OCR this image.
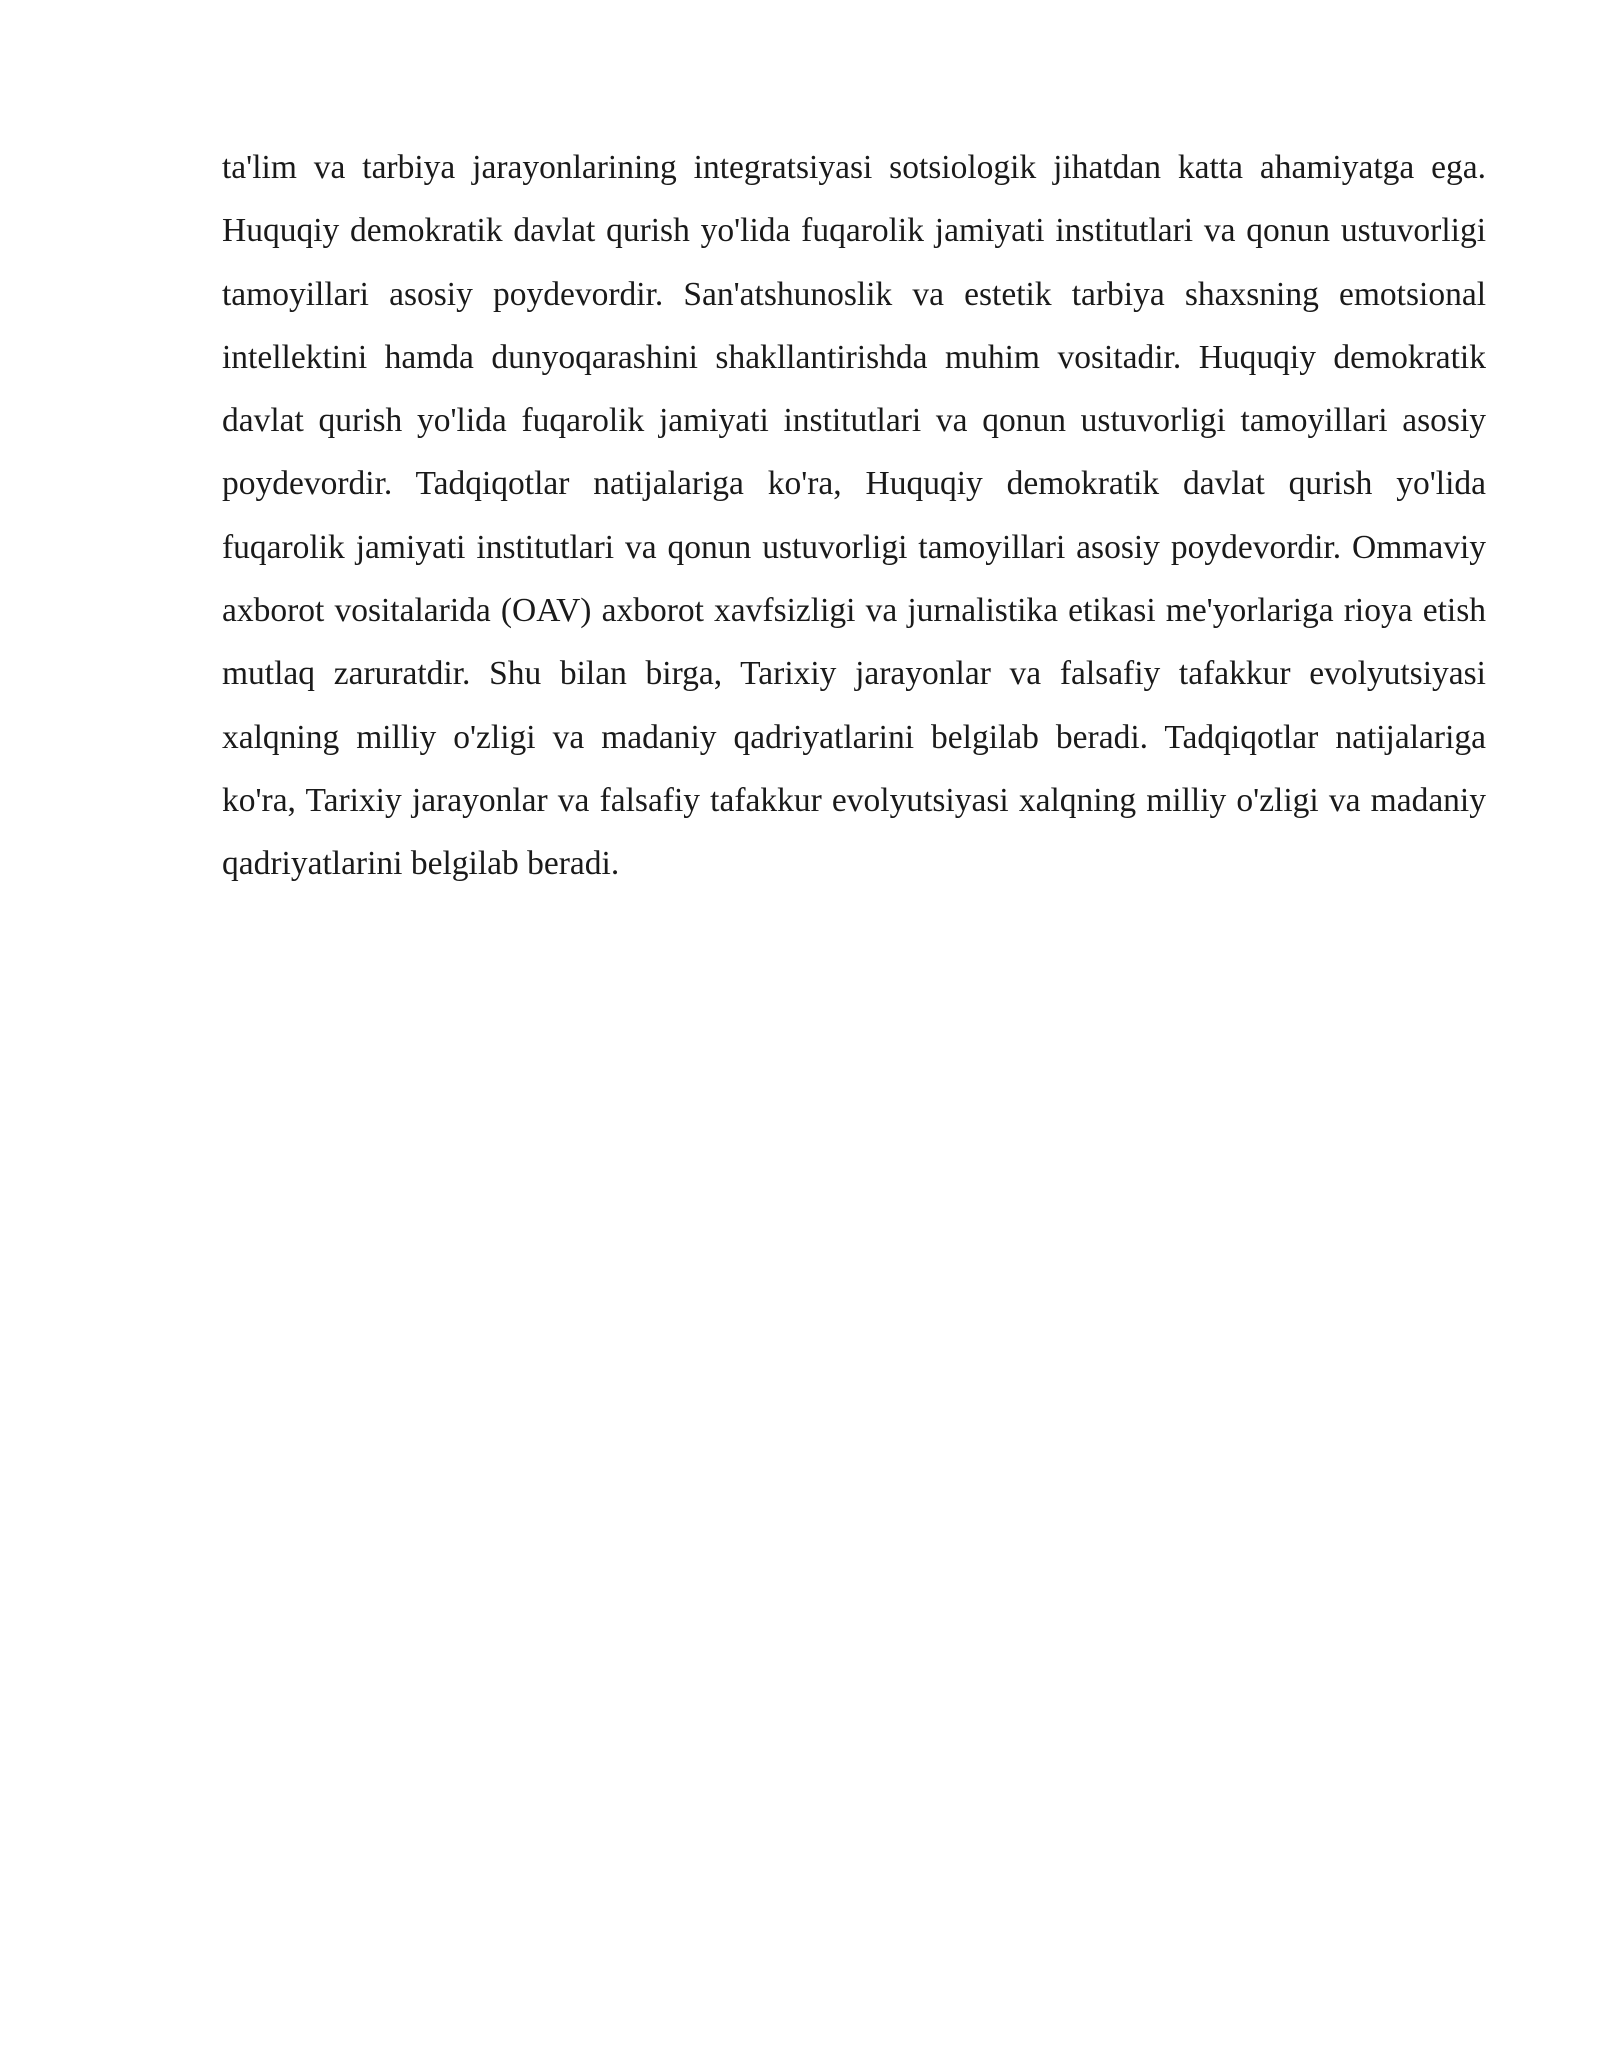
ta'lim va tarbiya jarayonlarining integratsiyasi sotsiologik jihatdan katta ahamiyatga ega. Huquqiy demokratik davlat qurish yo'lida fuqarolik jamiyati institutlari va qonun ustuvorligi tamoyillari asosiy poydevordir. San'atshunoslik va estetik tarbiya shaxsning emotsional intellektini hamda dunyoqarashini shakllantirishda muhim vositadir. Huquqiy demokratik davlat qurish yo'lida fuqarolik jamiyati institutlari va qonun ustuvorligi tamoyillari asosiy poydevordir. Tadqiqotlar natijalariga ko'ra, Huquqiy demokratik davlat qurish yo'lida fuqarolik jamiyati institutlari va qonun ustuvorligi tamoyillari asosiy poydevordir. Ommaviy axborot vositalarida (OAV) axborot xavfsizligi va jurnalistika etikasi me'yorlariga rioya etish mutlaq zaruratdir. Shu bilan birga, Tarixiy jarayonlar va falsafiy tafakkur evolyutsiyasi xalqning milliy o'zligi va madaniy qadriyatlarini belgilab beradi. Tadqiqotlar natijalariga ko'ra, Tarixiy jarayonlar va falsafiy tafakkur evolyutsiyasi xalqning milliy o'zligi va madaniy qadriyatlarini belgilab beradi.
